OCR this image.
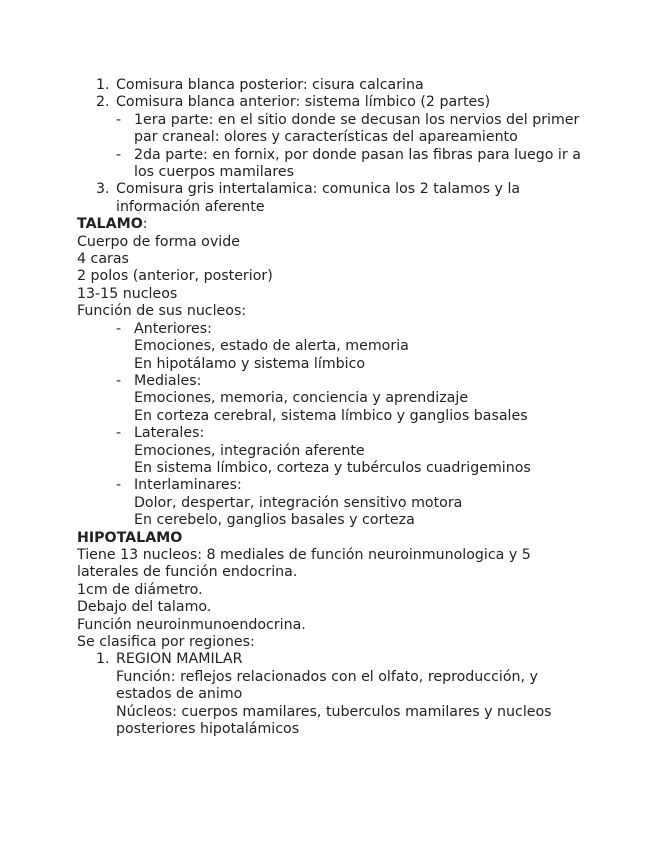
1. Comisura blanca posterior: cisura calcarina
2. Comisura blanca anterior: sistema límbico (2 partes)
- 1era parte: en el sitio donde se decusan los nervios del primer par craneal: olores y características del apareamiento
- 2da parte: en fornix, por donde pasan las fibras para luego ir a los cuerpos mamilares
3. Comisura gris intertalamica: comunica los 2 talamos y la información aferente
TALAMO:
Cuerpo de forma ovide
4 caras
2 polos (anterior, posterior)
13-15 nucleos
Función de sus nucleos:
- Anteriores:
Emociones, estado de alerta, memoria
En hipotálamo y sistema límbico
- Mediales:
Emociones, memoria, conciencia y aprendizaje
En corteza cerebral, sistema límbico y ganglios basales
- Laterales:
Emociones, integración aferente
En sistema límbico, corteza y tubérculos cuadrigeminos
- Interlaminares:
Dolor, despertar, integración sensitivo motora
En cerebelo, ganglios basales y corteza
HIPOTALAMO
Tiene 13 nucleos: 8 mediales de función neuroinmunologica y 5 laterales de función endocrina.
1cm de diámetro.
Debajo del talamo.
Función neuroinmunoendocrina.
Se clasifica por regiones:
1. REGION MAMILAR
Función: reflejos relacionados con el olfato, reproducción, y estados de animo
Núcleos: cuerpos mamilares, tuberculos mamilares y nucleos posteriores hipotalámicos
